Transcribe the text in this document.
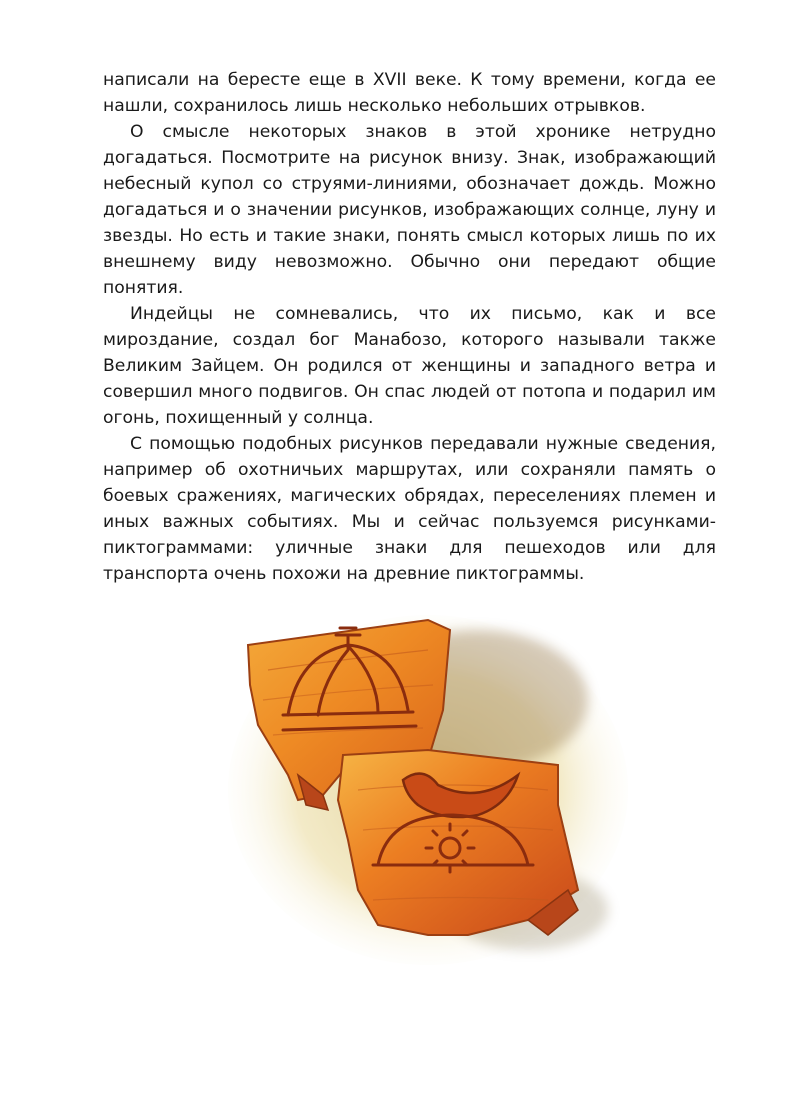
написали на бересте еще в XVII веке. К тому времени, когда ее нашли, сохранилось лишь несколько небольших отрывков.

О смысле некоторых знаков в этой хронике нетрудно догадаться. Посмотрите на рисунок внизу. Знак, изображающий небесный купол со струями-линиями, обозначает дождь. Можно догадаться и о значении рисунков, изображающих солнце, луну и звезды. Но есть и такие знаки, понять смысл которых лишь по их внешнему виду невозможно. Обычно они передают общие понятия.

Индейцы не сомневались, что их письмо, как и все мироздание, создал бог Манабозо, которого называли также Великим Зайцем. Он родился от женщины и западного ветра и совершил много подвигов. Он спас людей от потопа и подарил им огонь, похищенный у солнца.

С помощью подобных рисунков передавали нужные сведения, например об охотничьих маршрутах, или сохраняли память о боевых сражениях, магических обрядах, переселениях племен и иных важных событиях. Мы и сейчас пользуемся рисунками-пиктограммами: уличные знаки для пешеходов или для транспорта очень похожи на древние пиктограммы.
